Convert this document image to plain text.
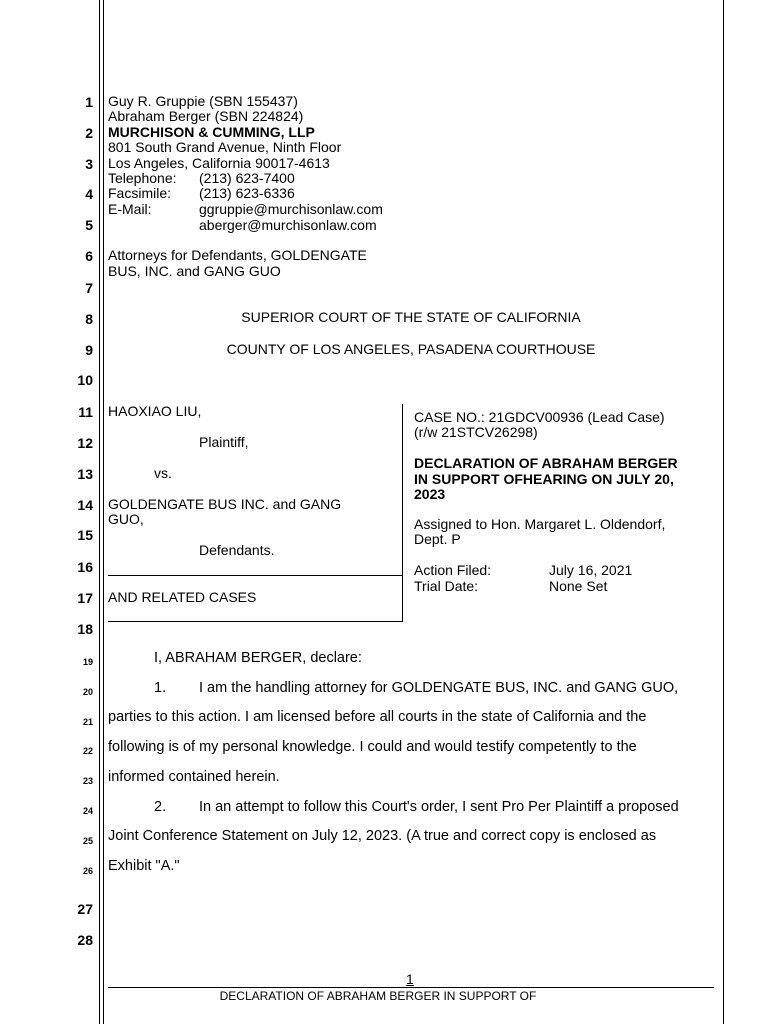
1
2
3
4
5
6
7
8
9
10
11
12
13
14
15
16
17
18
19
20
21
22
23
24
25
26
27
28
Guy R. Gruppie (SBN 155437)
Abraham Berger (SBN 224824)
MURCHISON & CUMMING, LLP
801 South Grand Avenue, Ninth Floor
Los Angeles, California 90017-4613
Telephone: (213) 623-7400
Facsimile: (213) 623-6336
E-Mail:	ggruppie@murchisonlaw.com
aberger@murchisonlaw.com
Attorneys for Defendants, GOLDENGATE
BUS, INC. and GANG GUO
SUPERIOR COURT OF THE STATE OF CALIFORNIA
COUNTY OF LOS ANGELES, PASADENA COURTHOUSE
HAOXIAO LIU,
Plaintiff,
vs.
GOLDENGATE BUS INC. and GANG
GUO,
Defendants.
AND RELATED CASES
CASE NO.: 21GDCV00936 (Lead Case)
(r/w 21STCV26298)
DECLARATION OF ABRAHAM BERGER
IN SUPPORT OFHEARING ON JULY 20,
2023
Assigned to Hon. Margaret L. Oldendorf,
Dept. P
Action Filed:	July 16, 2021
Trial Date:	None Set
I, ABRAHAM BERGER, declare:
1. I am the handling attorney for GOLDENGATE BUS, INC. and GANG GUO,
parties to this action. I am licensed before all courts in the state of California and the
following is of my personal knowledge. I could and would testify competently to the
informed contained herein.
2. In an attempt to follow this Court's order, I sent Pro Per Plaintiff a proposed
Joint Conference Statement on July 12, 2023. (A true and correct copy is enclosed as
Exhibit "A."
1
DECLARATION OF ABRAHAM BERGER IN SUPPORT OF
